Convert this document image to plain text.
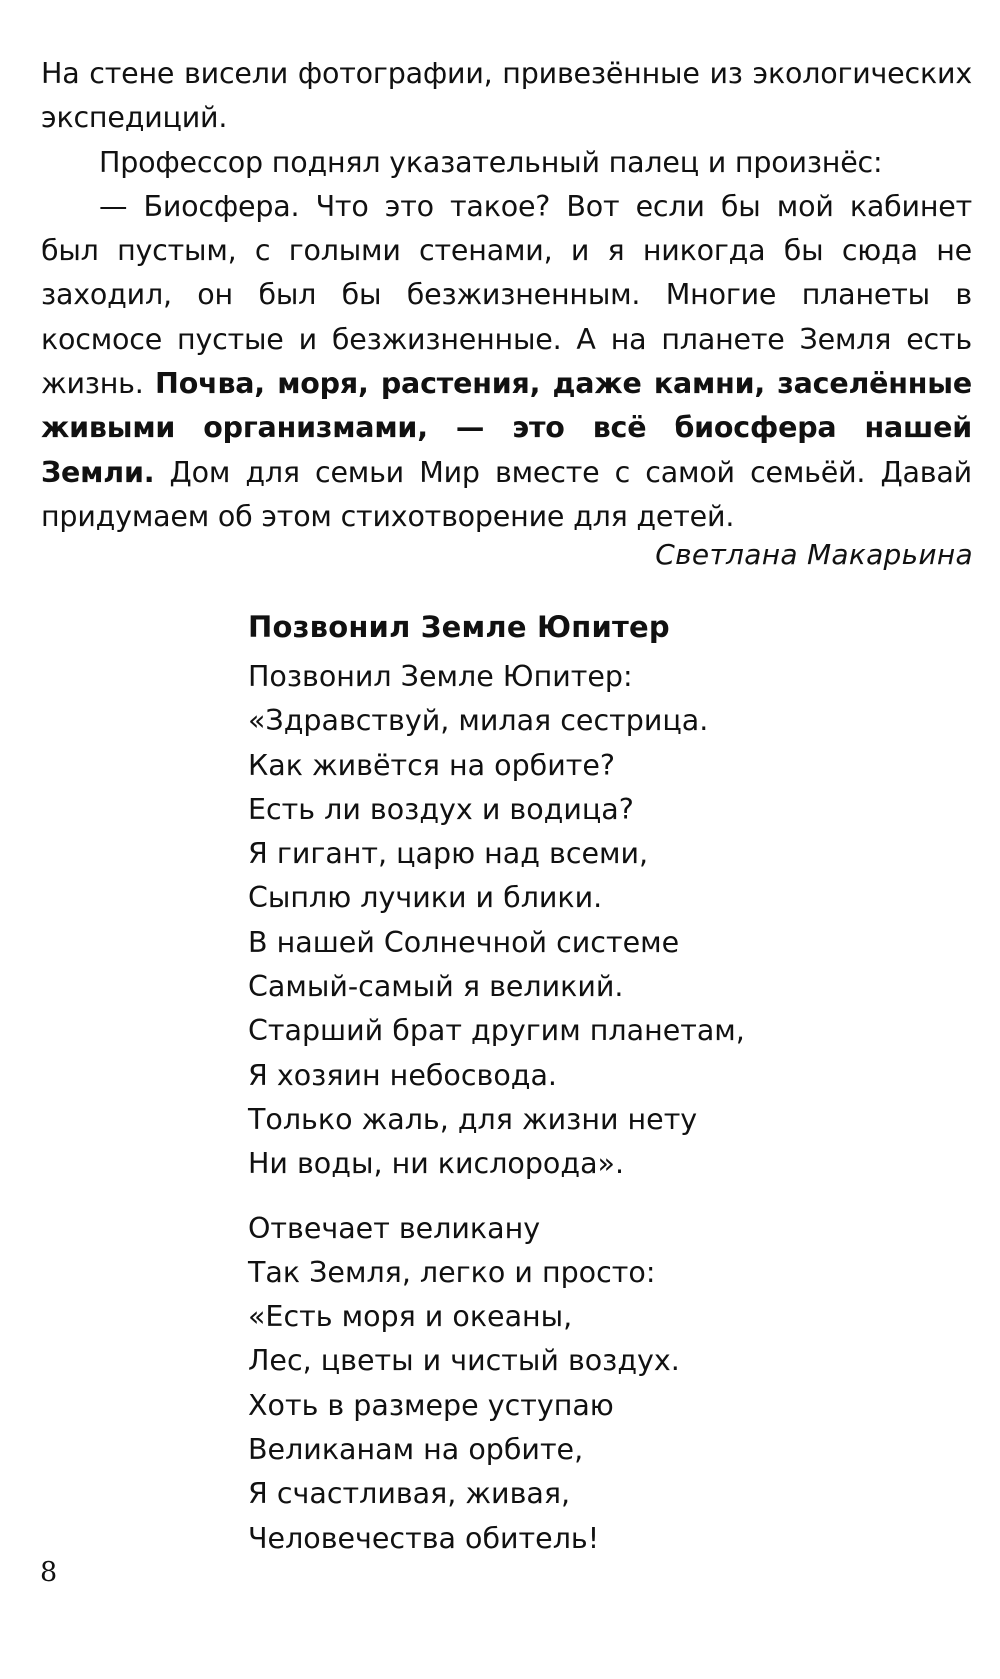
На стене висели фотографии, привезённые из экологических экспедиций.

Профессор поднял указательный палец и произнёс:

— Биосфера. Что это такое? Вот если бы мой кабинет был пустым, с голыми стенами, и я никогда бы сюда не заходил, он был бы безжизненным. Многие планеты в космосе пустые и безжизненные. А на планете Земля есть жизнь. Почва, моря, растения, даже камни, заселённые живыми организмами, — это всё биосфера нашей Земли. Дом для семьи Мир вместе с самой семьёй. Давай придумаем об этом стихотворение для детей.

Светлана Макарьина
Позвонил Земле Юпитер
Позвонил Земле Юпитер:
«Здравствуй, милая сестрица.
Как живётся на орбите?
Есть ли воздух и водица?
Я гигант, царю над всеми,
Сыплю лучики и блики.
В нашей Солнечной системе
Самый-самый я великий.
Старший брат другим планетам,
Я хозяин небосвода.
Только жаль, для жизни нету
Ни воды, ни кислорода».
Отвечает великану
Так Земля, легко и просто:
«Есть моря и океаны,
Лес, цветы и чистый воздух.
Хоть в размере уступаю
Великанам на орбите,
Я счастливая, живая,
Человечества обитель!
8
